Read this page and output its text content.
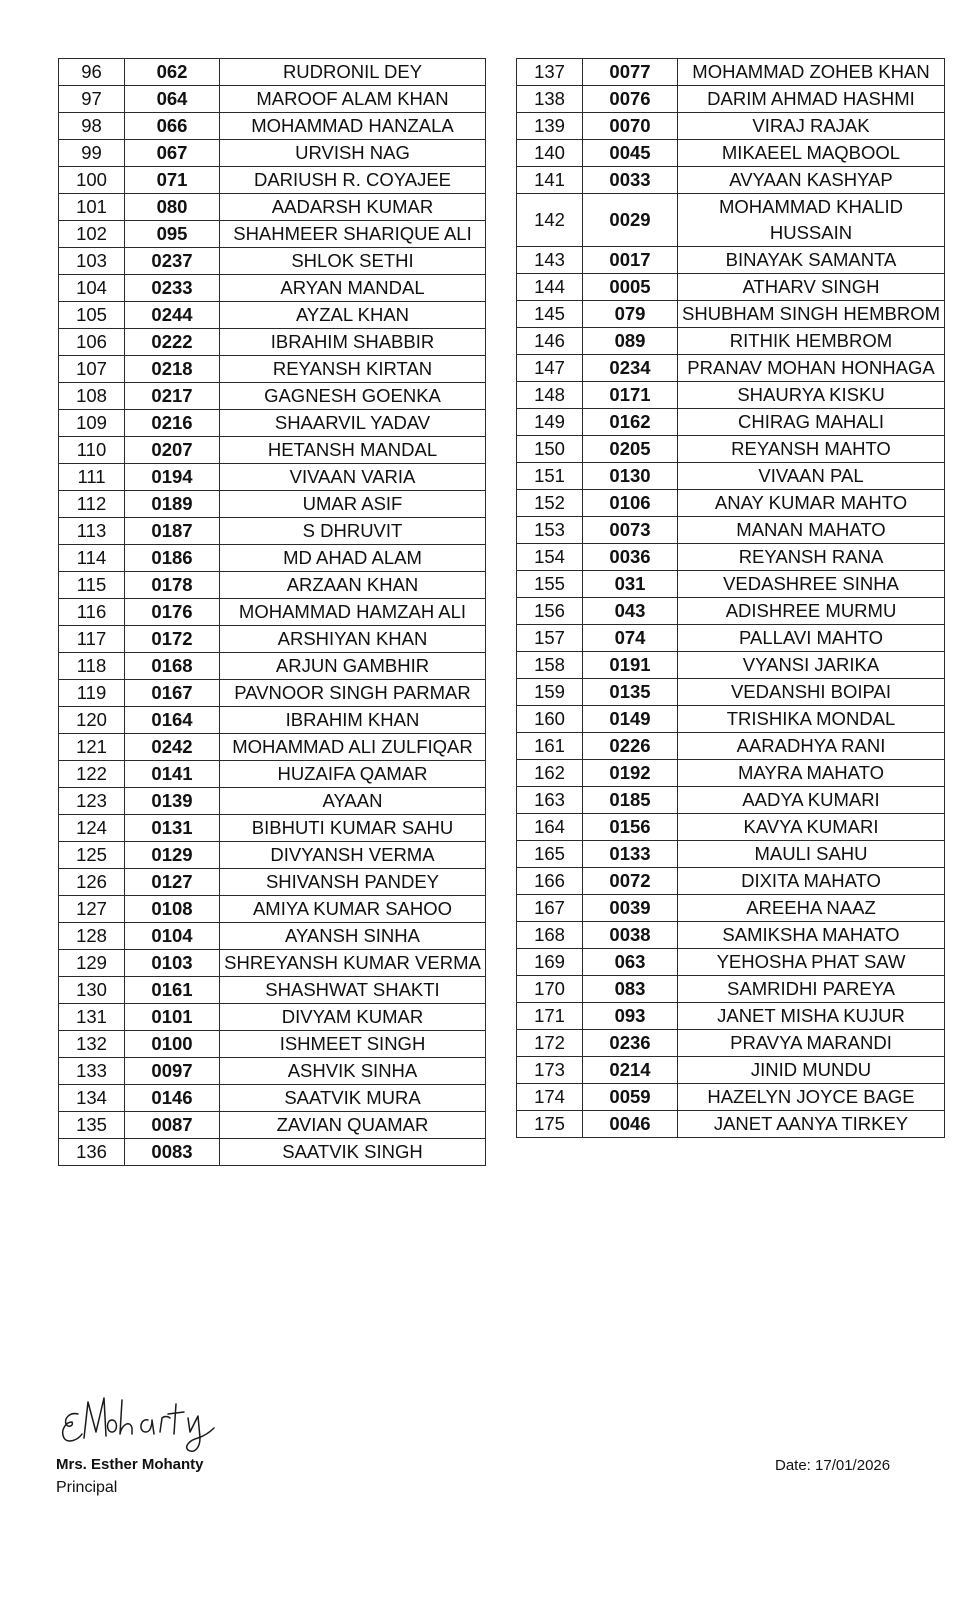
96	062	RUDRONIL DEY
97	064	MAROOF ALAM KHAN
98	066	MOHAMMAD HANZALA
99	067	URVISH NAG
100	071	DARIUSH R. COYAJEE
101	080	AADARSH KUMAR
102	095	SHAHMEER SHARIQUE ALI
103	0237	SHLOK SETHI
104	0233	ARYAN MANDAL
105	0244	AYZAL KHAN
106	0222	IBRAHIM SHABBIR
107	0218	REYANSH KIRTAN
108	0217	GAGNESH GOENKA
109	0216	SHAARVIL YADAV
110	0207	HETANSH MANDAL
111	0194	VIVAAN VARIA
112	0189	UMAR ASIF
113	0187	S DHRUVIT
114	0186	MD AHAD ALAM
115	0178	ARZAAN KHAN
116	0176	MOHAMMAD HAMZAH ALI
117	0172	ARSHIYAN KHAN
118	0168	ARJUN GAMBHIR
119	0167	PAVNOOR SINGH PARMAR
120	0164	IBRAHIM KHAN
121	0242	MOHAMMAD ALI ZULFIQAR
122	0141	HUZAIFA QAMAR
123	0139	AYAAN
124	0131	BIBHUTI KUMAR SAHU
125	0129	DIVYANSH VERMA
126	0127	SHIVANSH PANDEY
127	0108	AMIYA KUMAR SAHOO
128	0104	AYANSH SINHA
129	0103	SHREYANSH KUMAR VERMA
130	0161	SHASHWAT SHAKTI
131	0101	DIVYAM KUMAR
132	0100	ISHMEET SINGH
133	0097	ASHVIK SINHA
134	0146	SAATVIK MURA
135	0087	ZAVIAN QUAMAR
136	0083	SAATVIK SINGH
137	0077	MOHAMMAD ZOHEB KHAN
138	0076	DARIM AHMAD HASHMI
139	0070	VIRAJ RAJAK
140	0045	MIKAEEL MAQBOOL
141	0033	AVYAAN KASHYAP
142	0029	MOHAMMAD KHALID HUSSAIN
143	0017	BINAYAK SAMANTA
144	0005	ATHARV SINGH
145	079	SHUBHAM SINGH HEMBROM
146	089	RITHIK HEMBROM
147	0234	PRANAV MOHAN HONHAGA
148	0171	SHAURYA KISKU
149	0162	CHIRAG MAHALI
150	0205	REYANSH MAHTO
151	0130	VIVAAN PAL
152	0106	ANAY KUMAR MAHTO
153	0073	MANAN MAHATO
154	0036	REYANSH RANA
155	031	VEDASHREE SINHA
156	043	ADISHREE MURMU
157	074	PALLAVI MAHTO
158	0191	VYANSI JARIKA
159	0135	VEDANSHI BOIPAI
160	0149	TRISHIKA MONDAL
161	0226	AARADHYA RANI
162	0192	MAYRA MAHATO
163	0185	AADYA KUMARI
164	0156	KAVYA KUMARI
165	0133	MAULI SAHU
166	0072	DIXITA MAHATO
167	0039	AREEHA NAAZ
168	0038	SAMIKSHA MAHATO
169	063	YEHOSHA PHAT SAW
170	083	SAMRIDHI PAREYA
171	093	JANET MISHA KUJUR
172	0236	PRAVYA MARANDI
173	0214	JINID MUNDU
174	0059	HAZELYN JOYCE BAGE
175	0046	JANET AANYA TIRKEY
Mrs. Esther Mohanty
Principal
Date: 17/01/2026
